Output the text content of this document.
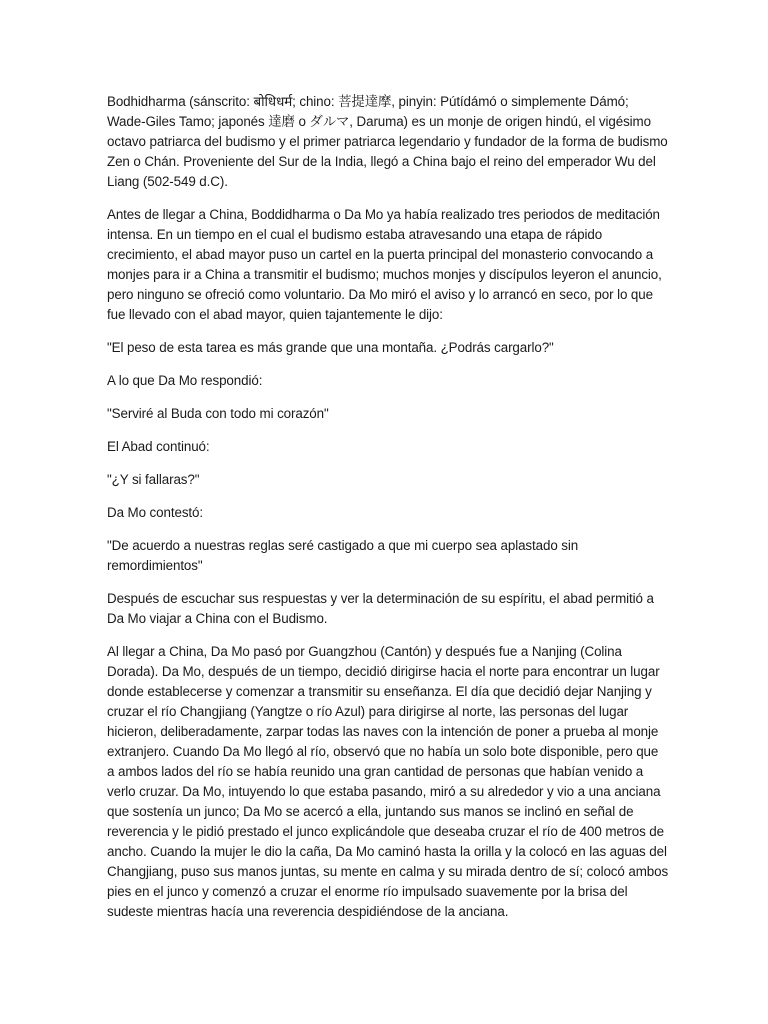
Bodhidharma (sánscrito: बोधिधर्म; chino: 菩提達摩, pinyin: Pútídámó o simplemente Dámó; Wade-Giles Tamo; japonés 達磨 o ダルマ, Daruma) es un monje de origen hindú, el vigésimo octavo patriarca del budismo y el primer patriarca legendario y fundador de la forma de budismo Zen o Chán. Proveniente del Sur de la India, llegó a China bajo el reino del emperador Wu del Liang (502-549 d.C).

Antes de llegar a China, Boddidharma o Da Mo ya había realizado tres periodos de meditación intensa. En un tiempo en el cual el budismo estaba atravesando una etapa de rápido crecimiento, el abad mayor puso un cartel en la puerta principal del monasterio convocando a monjes para ir a China a transmitir el budismo; muchos monjes y discípulos leyeron el anuncio, pero ninguno se ofreció como voluntario. Da Mo miró el aviso y lo arrancó en seco, por lo que fue llevado con el abad mayor, quien tajantemente le dijo:

"El peso de esta tarea es más grande que una montaña. ¿Podrás cargarlo?"

A lo que Da Mo respondió:

"Serviré al Buda con todo mi corazón"

El Abad continuó:

"¿Y si fallaras?"

Da Mo contestó:

"De acuerdo a nuestras reglas seré castigado a que mi cuerpo sea aplastado sin remordimientos"

Después de escuchar sus respuestas y ver la determinación de su espíritu, el abad permitió a Da Mo viajar a China con el Budismo.

Al llegar a China, Da Mo pasó por Guangzhou (Cantón) y después fue a Nanjing (Colina Dorada). Da Mo, después de un tiempo, decidió dirigirse hacia el norte para encontrar un lugar donde establecerse y comenzar a transmitir su enseñanza. El día que decidió dejar Nanjing y cruzar el río Changjiang (Yangtze o río Azul) para dirigirse al norte, las personas del lugar hicieron, deliberadamente, zarpar todas las naves con la intención de poner a prueba al monje extranjero. Cuando Da Mo llegó al río, observó que no había un solo bote disponible, pero que a ambos lados del río se había reunido una gran cantidad de personas que habían venido a verlo cruzar. Da Mo, intuyendo lo que estaba pasando, miró a su alrededor y vio a una anciana que sostenía un junco; Da Mo se acercó a ella, juntando sus manos se inclinó en señal de reverencia y le pidió prestado el junco explicándole que deseaba cruzar el río de 400 metros de ancho. Cuando la mujer le dio la caña, Da Mo caminó hasta la orilla y la colocó en las aguas del Changjiang, puso sus manos juntas, su mente en calma y su mirada dentro de sí; colocó ambos pies en el junco y comenzó a cruzar el enorme río impulsado suavemente por la brisa del sudeste mientras hacía una reverencia despidiéndose de la anciana.
